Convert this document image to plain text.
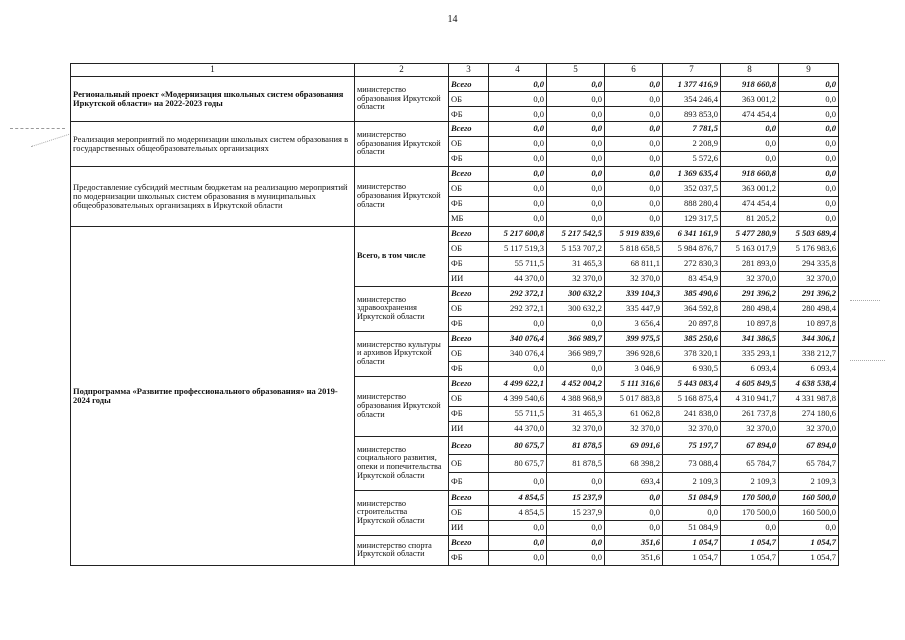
14
1	2	3	4	5	6	7	8	9
Региональный проект «Модернизация школьных систем образования Иркутской области» на 2022-2023 годы	министерство образования Иркутской области	Всего	0,0	0,0	0,0	1 377 416,9	918 660,8	0,0
		ОБ	0,0	0,0	0,0	354 246,4	363 001,2	0,0
		ФБ	0,0	0,0	0,0	893 853,0	474 454,4	0,0
Реализация мероприятий по модернизации школьных систем образования в государственных общеобразовательных организациях	министерство образования Иркутской области	Всего	0,0	0,0	0,0	7 781,5	0,0	0,0
		ОБ	0,0	0,0	0,0	2 208,9	0,0	0,0
		ФБ	0,0	0,0	0,0	5 572,6	0,0	0,0
Предоставление субсидий местным бюджетам на реализацию мероприятий по модернизации школьных систем образования в муниципальных общеобразовательных организациях в Иркутской области	министерство образования Иркутской области	Всего	0,0	0,0	0,0	1 369 635,4	918 660,8	0,0
		ОБ	0,0	0,0	0,0	352 037,5	363 001,2	0,0
		ФБ	0,0	0,0	0,0	888 280,4	474 454,4	0,0
		МБ	0,0	0,0	0,0	129 317,5	81 205,2	0,0
Подпрограмма «Развитие профессионального образования» на 2019-2024 годы	Всего, в том числе	Всего	5 217 600,8	5 217 542,5	5 919 839,6	6 341 161,9	5 477 280,9	5 503 689,4
		ОБ	5 117 519,3	5 153 707,2	5 818 658,5	5 984 876,7	5 163 017,9	5 176 983,6
		ФБ	55 711,5	31 465,3	68 811,1	272 830,3	281 893,0	294 335,8
		ИИ	44 370,0	32 370,0	32 370,0	83 454,9	32 370,0	32 370,0
	министерство здравоохранения Иркутской области	Всего	292 372,1	300 632,2	339 104,3	385 490,6	291 396,2	291 396,2
		ОБ	292 372,1	300 632,2	335 447,9	364 592,8	280 498,4	280 498,4
		ФБ	0,0	0,0	3 656,4	20 897,8	10 897,8	10 897,8
	министерство культуры и архивов Иркутской области	Всего	340 076,4	366 989,7	399 975,5	385 250,6	341 386,5	344 306,1
		ОБ	340 076,4	366 989,7	396 928,6	378 320,1	335 293,1	338 212,7
		ФБ	0,0	0,0	3 046,9	6 930,5	6 093,4	6 093,4
	министерство образования Иркутской области	Всего	4 499 622,1	4 452 004,2	5 111 316,6	5 443 083,4	4 605 849,5	4 638 538,4
		ОБ	4 399 540,6	4 388 968,9	5 017 883,8	5 168 875,4	4 310 941,7	4 331 987,8
		ФБ	55 711,5	31 465,3	61 062,8	241 838,0	261 737,8	274 180,6
		ИИ	44 370,0	32 370,0	32 370,0	32 370,0	32 370,0	32 370,0
	министерство социального развития, опеки и попечительства Иркутской области	Всего	80 675,7	81 878,5	69 091,6	75 197,7	67 894,0	67 894,0
		ОБ	80 675,7	81 878,5	68 398,2	73 088,4	65 784,7	65 784,7
		ФБ	0,0	0,0	693,4	2 109,3	2 109,3	2 109,3
	министерство строительства Иркутской области	Всего	4 854,5	15 237,9	0,0	51 084,9	170 500,0	160 500,0
		ОБ	4 854,5	15 237,9	0,0	0,0	170 500,0	160 500,0
		ИИ	0,0	0,0	0,0	51 084,9	0,0	0,0
	министерство спорта Иркутской области	Всего	0,0	0,0	351,6	1 054,7	1 054,7	1 054,7
		ФБ	0,0	0,0	351,6	1 054,7	1 054,7	1 054,7
